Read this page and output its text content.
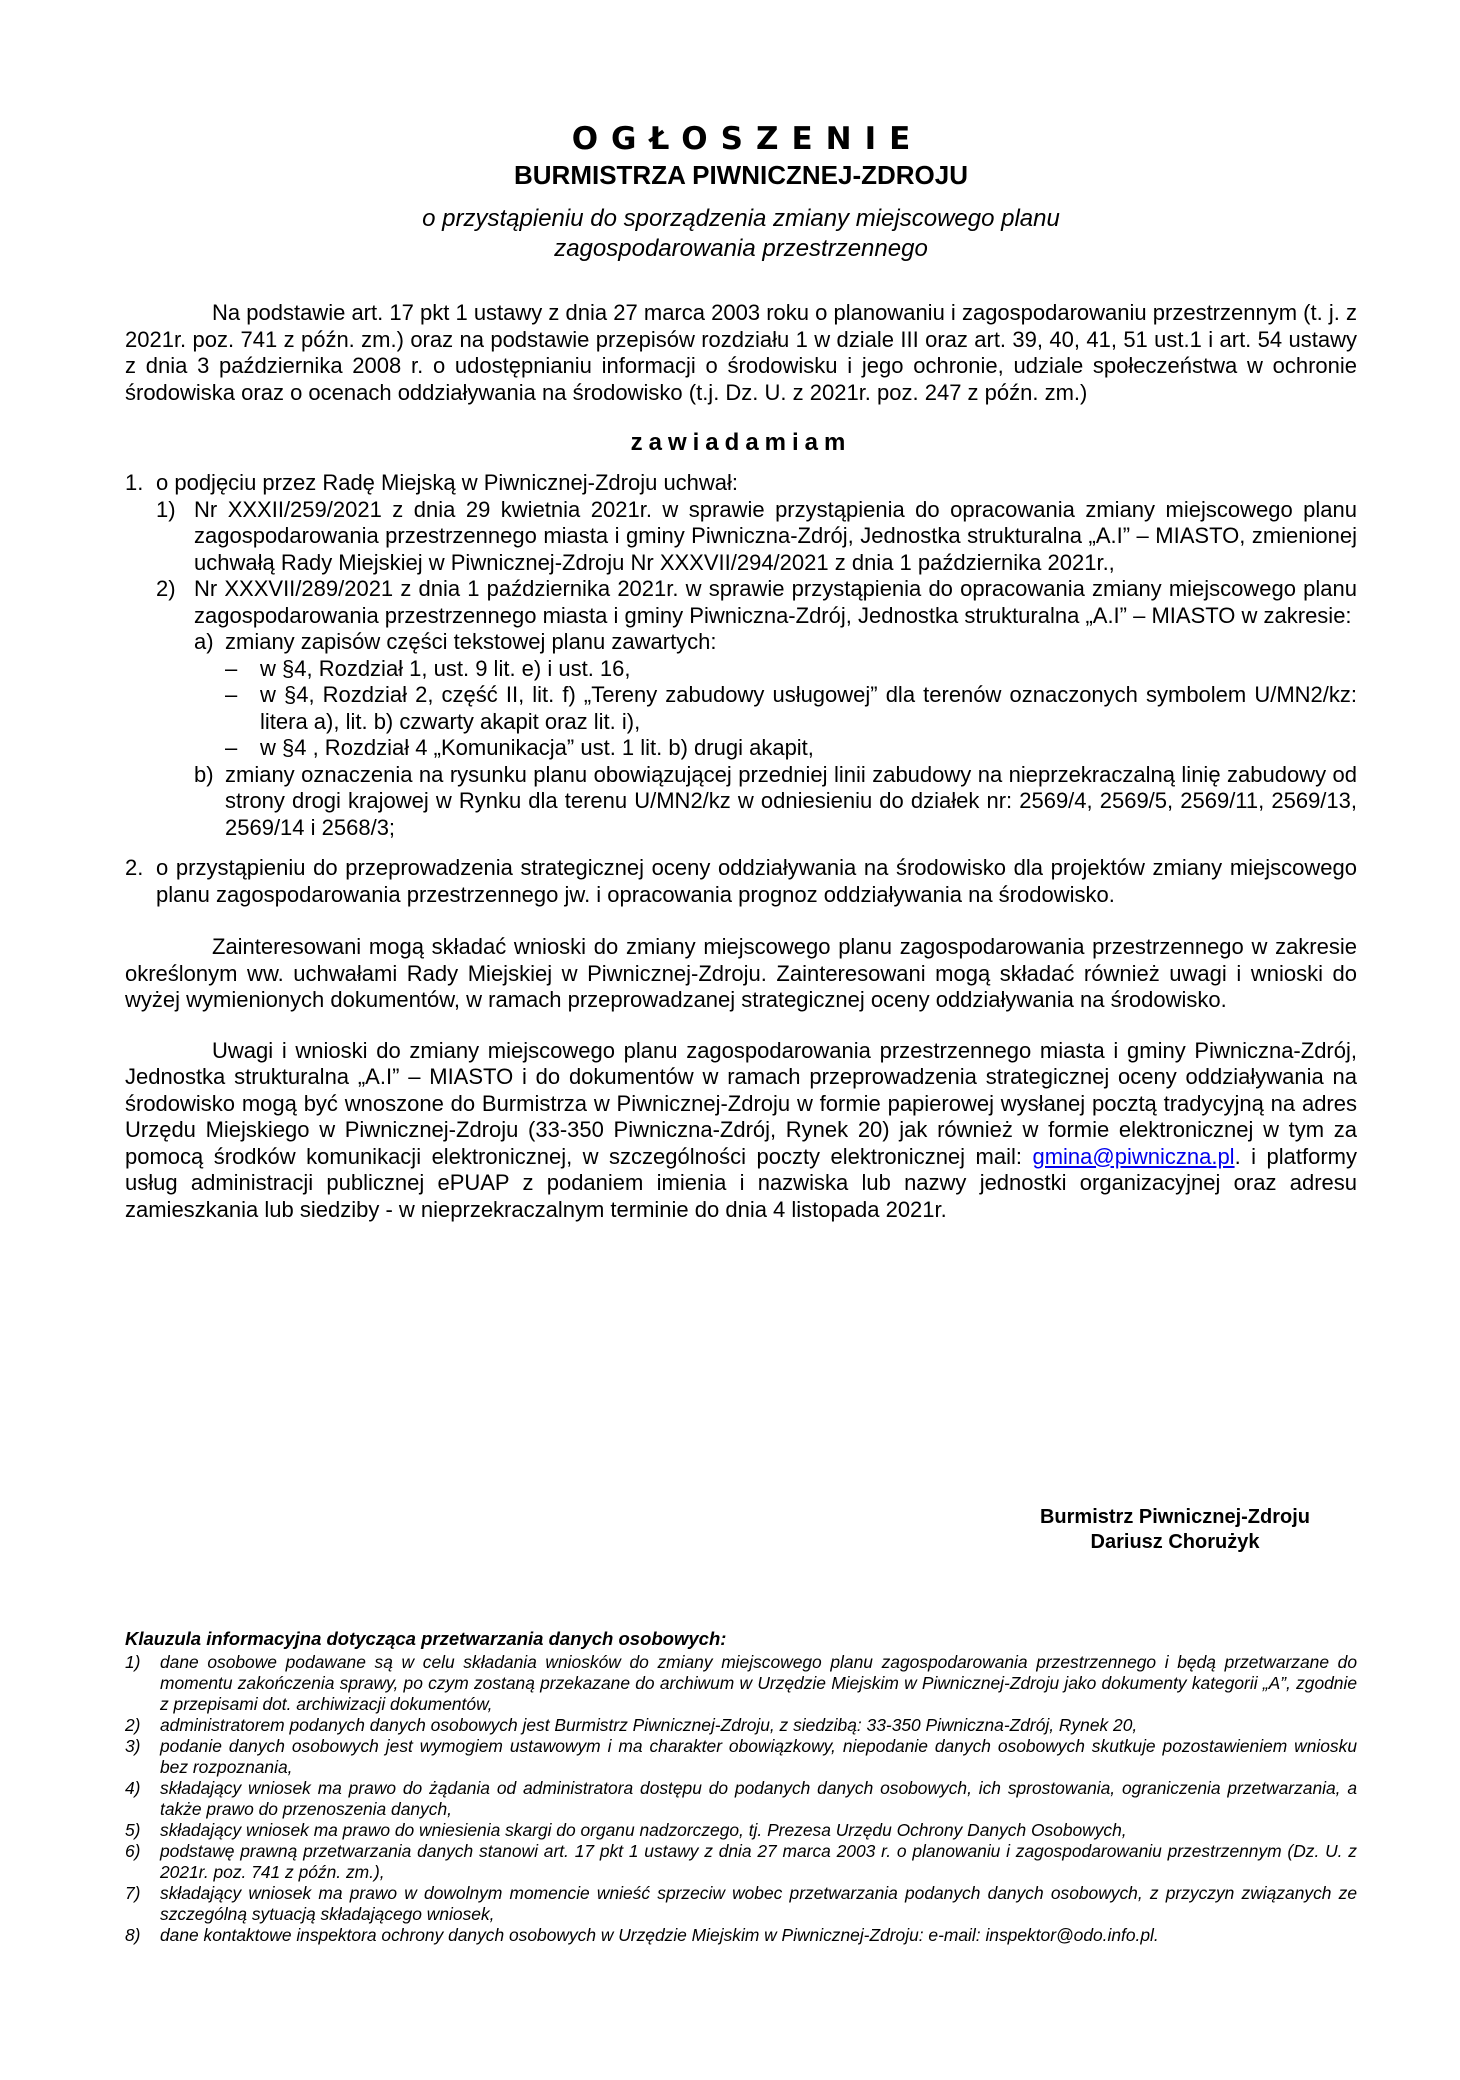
OGŁOSZENIE
BURMISTRZA PIWNICZNEJ-ZDROJU
o przystąpieniu do sporządzenia zmiany miejscowego planu
zagospodarowania przestrzennego

Na podstawie art. 17 pkt 1 ustawy z dnia 27 marca 2003 roku o planowaniu i zagospodarowaniu przestrzennym (t. j. z 2021r. poz. 741 z późn. zm.) oraz na podstawie przepisów rozdziału 1 w dziale III oraz art. 39, 40, 41, 51 ust.1 i art. 54 ustawy z dnia 3 października 2008 r. o udostępnianiu informacji o środowisku i jego ochronie, udziale społeczeństwa w ochronie środowiska oraz o ocenach oddziaływania na środowisko (t.j. Dz. U. z 2021r. poz. 247 z późn. zm.)

zawiadamiam
1. o podjęciu przez Radę Miejską w Piwnicznej-Zdroju uchwał:
1) Nr XXXII/259/2021 z dnia 29 kwietnia 2021r. w sprawie przystąpienia do opracowania zmiany miejscowego planu zagospodarowania przestrzennego miasta i gminy Piwniczna-Zdrój, Jednostka strukturalna „A.I” – MIASTO, zmienionej uchwałą Rady Miejskiej w Piwnicznej-Zdroju Nr XXXVII/294/2021 z dnia 1 października 2021r.,
2) Nr XXXVII/289/2021 z dnia 1 października 2021r. w sprawie przystąpienia do opracowania zmiany miejscowego planu zagospodarowania przestrzennego miasta i gminy Piwniczna-Zdrój, Jednostka strukturalna „A.I” – MIASTO w zakresie:
a) zmiany zapisów części tekstowej planu zawartych:
–	w §4, Rozdział 1, ust. 9 lit. e) i ust. 16,
–	w §4, Rozdział 2, część II, lit. f) „Tereny zabudowy usługowej” dla terenów oznaczonych symbolem U/MN2/kz: litera a), lit. b) czwarty akapit oraz lit. i),
–	w §4 , Rozdział 4 „Komunikacja” ust. 1 lit. b) drugi akapit,
b) zmiany oznaczenia na rysunku planu obowiązującej przedniej linii zabudowy na nieprzekraczalną linię zabudowy od strony drogi krajowej w Rynku dla terenu U/MN2/kz w odniesieniu do działek nr: 2569/4, 2569/5, 2569/11, 2569/13, 2569/14 i 2568/3;
2. o przystąpieniu do przeprowadzenia strategicznej oceny oddziaływania na środowisko dla projektów zmiany miejscowego planu zagospodarowania przestrzennego jw. i opracowania prognoz oddziaływania na środowisko.

Zainteresowani mogą składać wnioski do zmiany miejscowego planu zagospodarowania przestrzennego w zakresie określonym ww. uchwałami Rady Miejskiej w Piwnicznej-Zdroju. Zainteresowani mogą składać również uwagi i wnioski do wyżej wymienionych dokumentów, w ramach przeprowadzanej strategicznej oceny oddziaływania na środowisko.

Uwagi i wnioski do zmiany miejscowego planu zagospodarowania przestrzennego miasta i gminy Piwniczna-Zdrój, Jednostka strukturalna „A.I” – MIASTO i do dokumentów w ramach przeprowadzenia strategicznej oceny oddziaływania na środowisko mogą być wnoszone do Burmistrza w Piwnicznej-Zdroju w formie papierowej wysłanej pocztą tradycyjną na adres Urzędu Miejskiego w Piwnicznej-Zdroju (33-350 Piwniczna-Zdrój, Rynek 20) jak również w formie elektronicznej w tym za pomocą środków komunikacji elektronicznej, w szczególności poczty elektronicznej mail: gmina@piwniczna.pl. i platformy usług administracji publicznej ePUAP z podaniem imienia i nazwiska lub nazwy jednostki organizacyjnej oraz adresu zamieszkania lub siedziby - w nieprzekraczalnym terminie do dnia 4 listopada 2021r.

Burmistrz Piwnicznej-Zdroju
Dariusz Chorużyk
Klauzula informacyjna dotycząca przetwarzania danych osobowych:
1)	dane osobowe podawane są w celu składania wniosków do zmiany miejscowego planu zagospodarowania przestrzennego i będą przetwarzane do momentu zakończenia sprawy, po czym zostaną przekazane do archiwum w Urzędzie Miejskim w Piwnicznej-Zdroju jako dokumenty kategorii „A”, zgodnie z przepisami dot. archiwizacji dokumentów,
2)	administratorem podanych danych osobowych jest Burmistrz Piwnicznej-Zdroju, z siedzibą: 33-350 Piwniczna-Zdrój, Rynek 20,
3)	podanie danych osobowych jest wymogiem ustawowym i ma charakter obowiązkowy, niepodanie danych osobowych skutkuje pozostawieniem wniosku bez rozpoznania,
4)	składający wniosek ma prawo do żądania od administratora dostępu do podanych danych osobowych, ich sprostowania, ograniczenia przetwarzania, a także prawo do przenoszenia danych,
5)	składający wniosek ma prawo do wniesienia skargi do organu nadzorczego, tj. Prezesa Urzędu Ochrony Danych Osobowych,
6)	podstawę prawną przetwarzania danych stanowi art. 17 pkt 1 ustawy z dnia 27 marca 2003 r. o planowaniu i zagospodarowaniu przestrzennym (Dz. U. z 2021r. poz. 741 z późn. zm.),
7)	składający wniosek ma prawo w dowolnym momencie wnieść sprzeciw wobec przetwarzania podanych danych osobowych, z przyczyn związanych ze szczególną sytuacją składającego wniosek,
8)	dane kontaktowe inspektora ochrony danych osobowych w Urzędzie Miejskim w Piwnicznej-Zdroju: e-mail: inspektor@odo.info.pl.
